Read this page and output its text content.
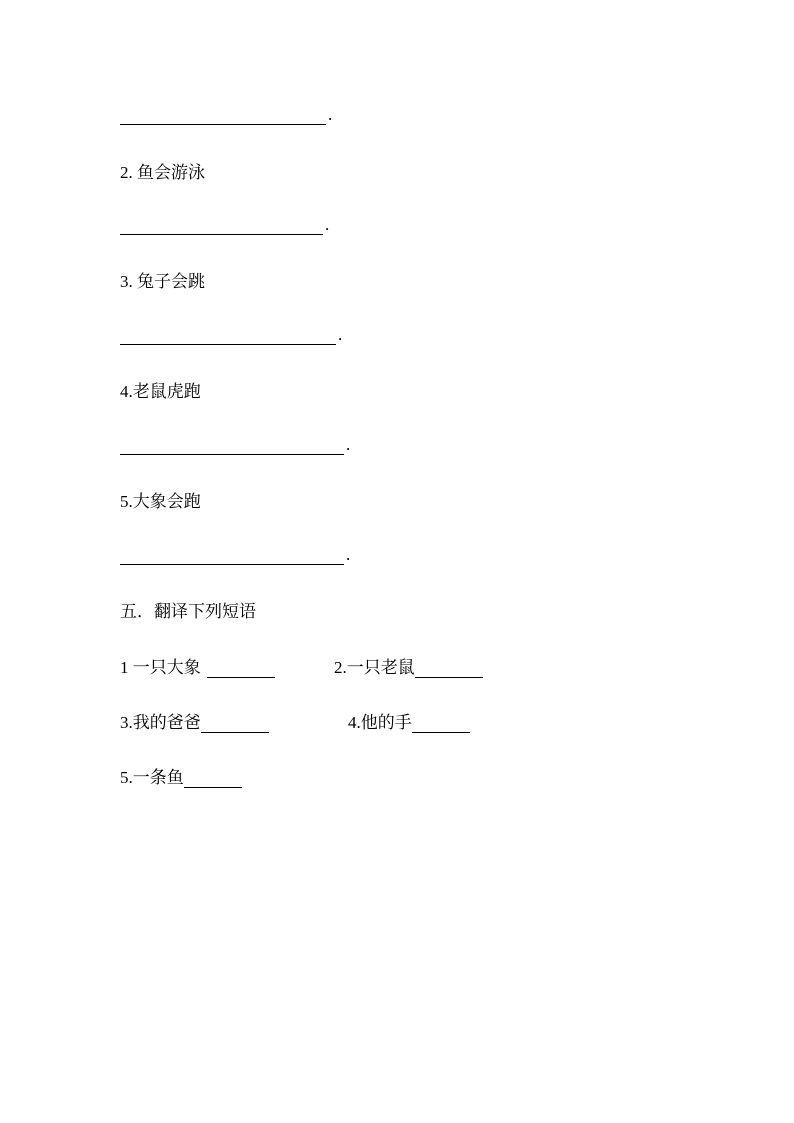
.
2. 鱼会游泳
.
3. 兔子会跳
.
4.老鼠虎跑
.
5.大象会跑
.
五．翻译下列短语
1 一只大象	2.一只老鼠
3.我的爸爸	4.他的手
5.一条鱼
